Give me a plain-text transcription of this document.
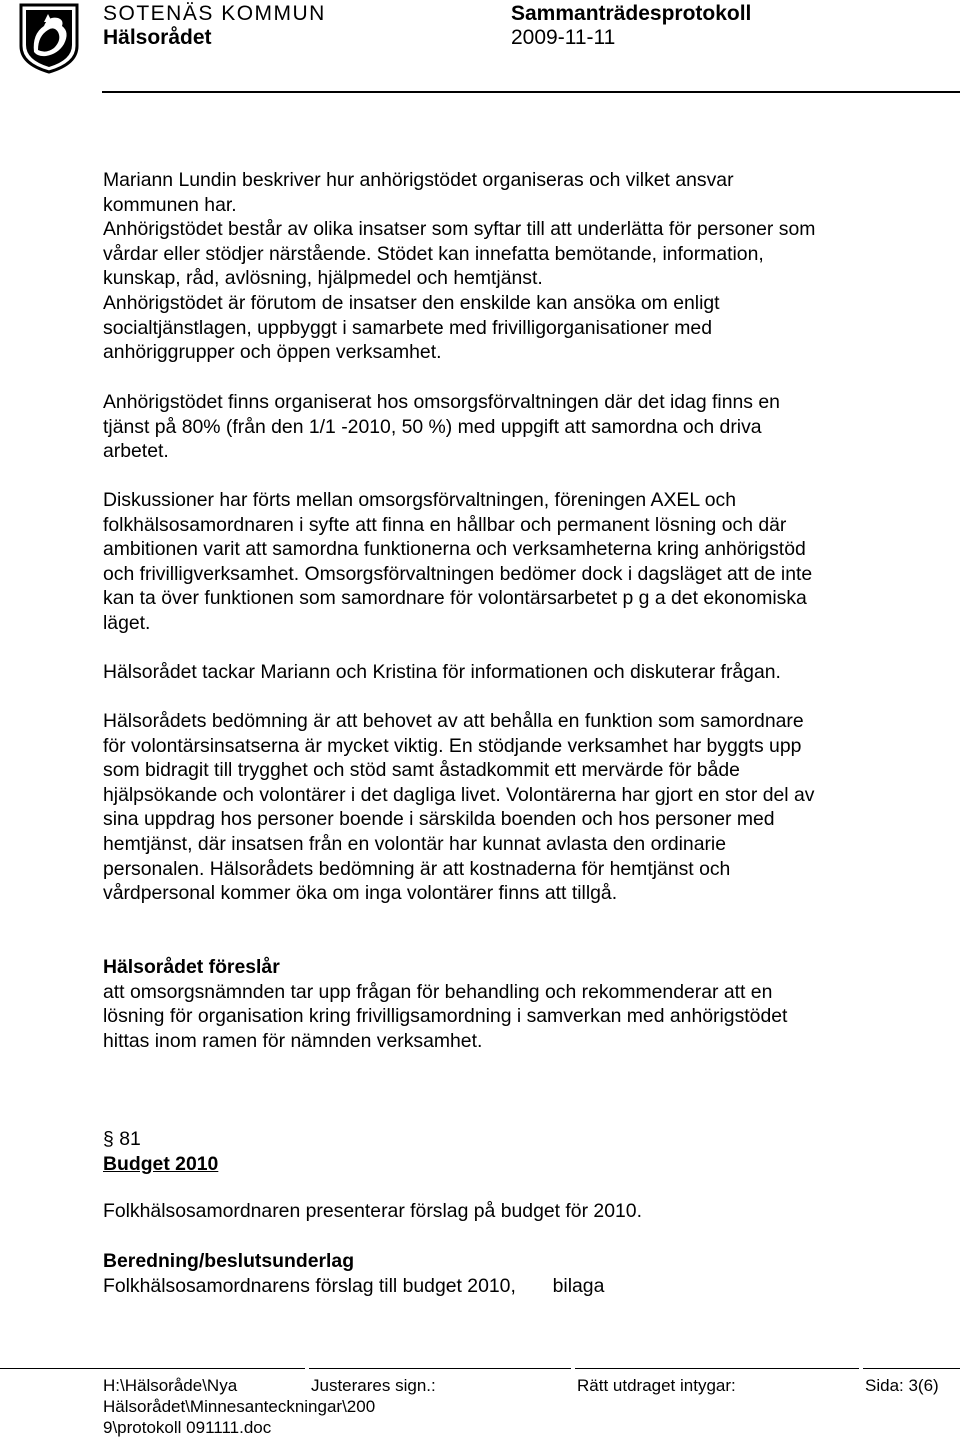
SOTENÄS KOMMUN	Sammanträdesprotokoll
Hälsorådet	2009-11-11
Mariann Lundin beskriver hur anhörigstödet organiseras och vilket ansvar
kommunen har.
Anhörigstödet består av olika insatser som syftar till att underlätta för personer som
vårdar eller stödjer närstående. Stödet kan innefatta bemötande, information,
kunskap, råd, avlösning, hjälpmedel och hemtjänst.
Anhörigstödet är förutom de insatser den enskilde kan ansöka om enligt
socialtjänstlagen, uppbyggt i samarbete med frivilligorganisationer med
anhöriggrupper och öppen verksamhet.
Anhörigstödet finns organiserat hos omsorgsförvaltningen där det idag finns en
tjänst på 80% (från den 1/1 -2010, 50 %) med uppgift att samordna och driva
arbetet.
Diskussioner har förts mellan omsorgsförvaltningen, föreningen AXEL och
folkhälsosamordnaren i syfte att finna en hållbar och permanent lösning och där
ambitionen varit att samordna funktionerna och verksamheterna kring anhörigstöd
och frivilligverksamhet. Omsorgsförvaltningen bedömer dock i dagsläget att de inte
kan ta över funktionen som samordnare för volontärsarbetet p g a det ekonomiska
läget.
Hälsorådet tackar Mariann och Kristina för informationen och diskuterar frågan.
Hälsorådets bedömning är att behovet av att behålla en funktion som samordnare
för volontärsinsatserna är mycket viktig. En stödjande verksamhet har byggts upp
som bidragit till trygghet och stöd samt åstadkommit ett mervärde för både
hjälpsökande och volontärer i det dagliga livet. Volontärerna har gjort en stor del av
sina uppdrag hos personer boende i särskilda boenden och hos personer med
hemtjänst, där insatsen från en volontär har kunnat avlasta den ordinarie
personalen. Hälsorådets bedömning är att kostnaderna för hemtjänst och
vårdpersonal kommer öka om inga volontärer finns att tillgå.
Hälsorådet föreslår
att omsorgsnämnden tar upp frågan för behandling och rekommenderar att en
lösning för organisation kring frivilligsamordning i samverkan med anhörigstödet
hittas inom ramen för nämnden verksamhet.
§ 81
Budget 2010
Folkhälsosamordnaren presenterar förslag på budget för 2010.
Beredning/beslutsunderlag
Folkhälsosamordnarens förslag till budget 2010, bilaga
H:\Hälsoråde\Nya
Hälsorådet\Minnesanteckningar\200
9\protokoll 091111.doc
Justerares sign.:	Rätt utdraget intygar:	Sida: 3(6)
